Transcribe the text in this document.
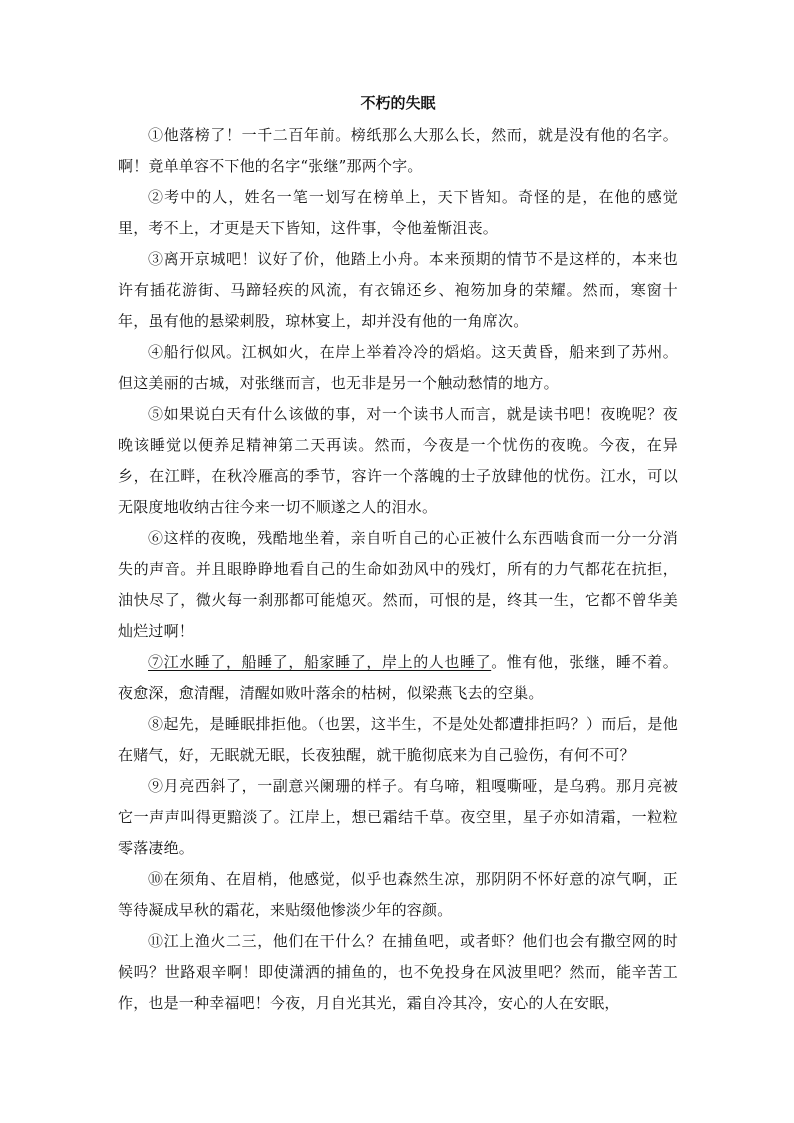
不朽的失眠

①他落榜了！一千二百年前。榜纸那么大那么长，然而，就是没有他的名字。啊！竟单单容不下他的名字“张继”那两个字。

②考中的人，姓名一笔一划写在榜单上，天下皆知。奇怪的是，在他的感觉里，考不上，才更是天下皆知，这件事，令他羞惭沮丧。

③离开京城吧！议好了价，他踏上小舟。本来预期的情节不是这样的，本来也许有插花游街、马蹄轻疾的风流，有衣锦还乡、袍笏加身的荣耀。然而，寒窗十年，虽有他的悬梁刺股，琼林宴上，却并没有他的一角席次。

④船行似风。江枫如火，在岸上举着冷冷的熖焰。这天黄昏，船来到了苏州。但这美丽的古城，对张继而言，也无非是另一个触动愁情的地方。

⑤如果说白天有什么该做的事，对一个读书人而言，就是读书吧！夜晚呢？夜晚该睡觉以便养足精神第二天再读。然而，今夜是一个忧伤的夜晚。今夜，在异乡，在江畔，在秋冷雁高的季节，容许一个落魄的士子放肆他的忧伤。江水，可以无限度地收纳古往今来一切不顺遂之人的泪水。

⑥这样的夜晚，残酷地坐着，亲自听自己的心正被什么东西啮食而一分一分消失的声音。并且眼睁睁地看自己的生命如劲风中的残灯，所有的力气都花在抗拒，油快尽了，微火每一刹那都可能熄灭。然而，可恨的是，终其一生，它都不曾华美灿烂过啊！

⑦江水睡了，船睡了，船家睡了，岸上的人也睡了。惟有他，张继，睡不着。夜愈深，愈清醒，清醒如败叶落余的枯树，似梁燕飞去的空巢。

⑧起先，是睡眠排拒他。（也罢，这半生，不是处处都遭排拒吗？）而后，是他在赌气，好，无眠就无眠，长夜独醒，就干脆彻底来为自己验伤，有何不可？

⑨月亮西斜了，一副意兴阑珊的样子。有乌啼，粗嘎嘶哑，是乌鸦。那月亮被它一声声叫得更黯淡了。江岸上，想已霜结千草。夜空里，星子亦如清霜，一粒粒零落凄绝。

⑩在须角、在眉梢，他感觉，似乎也森然生凉，那阴阴不怀好意的凉气啊，正等待凝成早秋的霜花，来贴缀他惨淡少年的容颜。

⑪江上渔火二三，他们在干什么？在捕鱼吧，或者虾？他们也会有撒空网的时候吗？世路艰辛啊！即使潇洒的捕鱼的，也不免投身在风波里吧？然而，能辛苦工作，也是一种幸福吧！今夜，月自光其光，霜自冷其冷，安心的人在安眠，
